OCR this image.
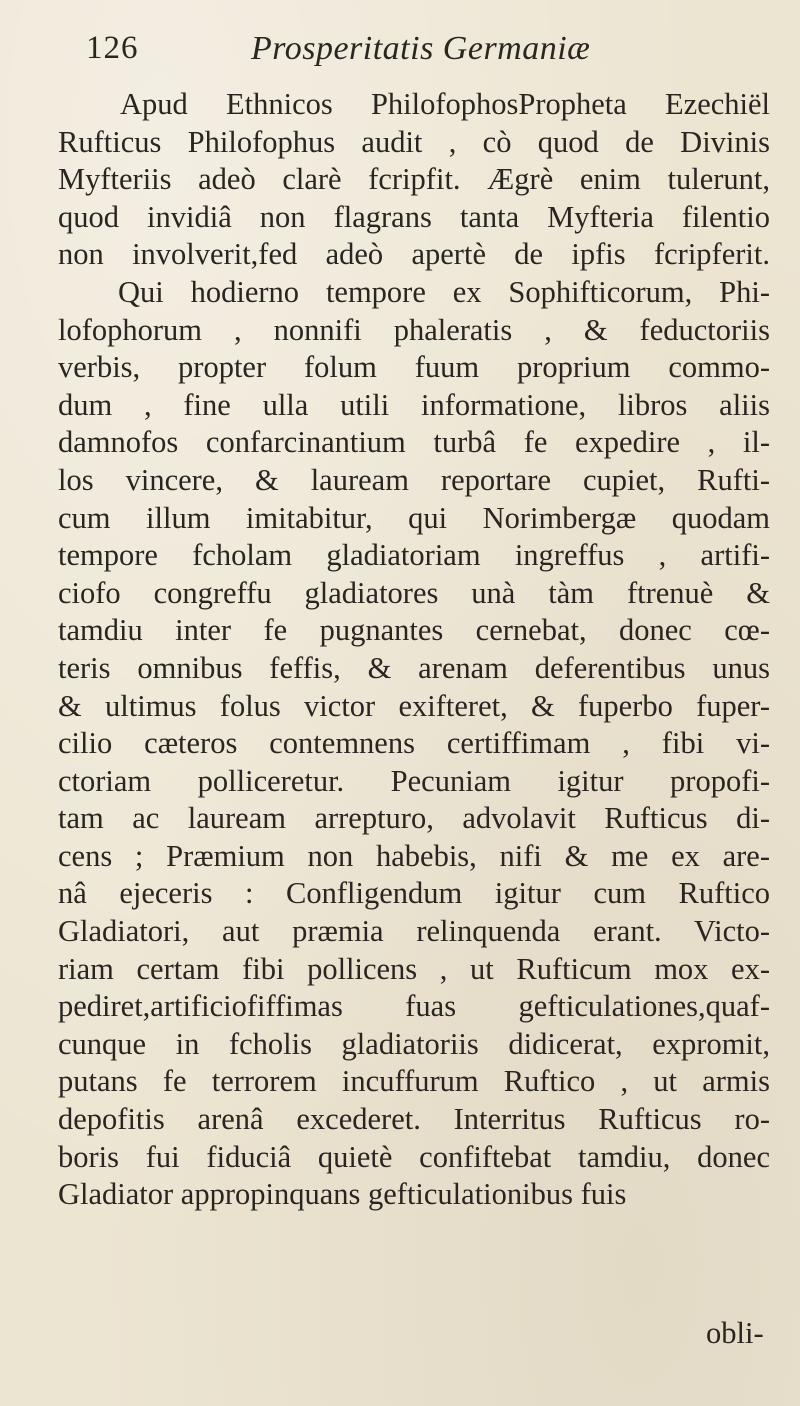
126	Prosperitatis Germaniæ
Apud Ethnicos PhilofophosPropheta Ezechiël
Rufticus Philofophus audit , cò quod de Divinis
Myfteriis adeò clarè fcripfit. Ægrè enim tulerunt,
quod invidiâ non flagrans tanta Myfteria filentio
non involverit,fed adeò apertè de ipfis fcripferit.
Qui hodierno tempore ex Sophifticorum, Phi-
lofophorum , nonnifi phaleratis , & feductoriis
verbis, propter folum fuum proprium commo-
dum , fine ulla utili informatione, libros aliis
damnofos confarcinantium turbâ fe expedire , il-
los vincere, & lauream reportare cupiet, Rufti-
cum illum imitabitur, qui Norimbergæ quodam
tempore fcholam gladiatoriam ingreffus , artifi-
ciofo congreffu gladiatores unà tàm ftrenuè &
tamdiu inter fe pugnantes cernebat, donec cœ-
teris omnibus feffis, & arenam deferentibus unus
& ultimus folus victor exifteret, & fuperbo fuper-
cilio cæteros contemnens certiffimam , fibi vi-
ctoriam polliceretur. Pecuniam igitur propofi-
tam ac lauream arrepturo, advolavit Rufticus di-
cens ; Præmium non habebis, nifi & me ex are-
nâ ejeceris : Confligendum igitur cum Ruftico
Gladiatori, aut præmia relinquenda erant. Victo-
riam certam fibi pollicens , ut Rufticum mox ex-
pediret,artificiofiffimas fuas gefticulationes,quaf-
cunque in fcholis gladiatoriis didicerat, expromit,
putans fe terrorem incuffurum Ruftico , ut armis
depofitis arenâ excederet. Interritus Rufticus ro-
boris fui fiduciâ quietè confiftebat tamdiu, donec
Gladiator appropinquans gefticulationibus fuis
obli-
